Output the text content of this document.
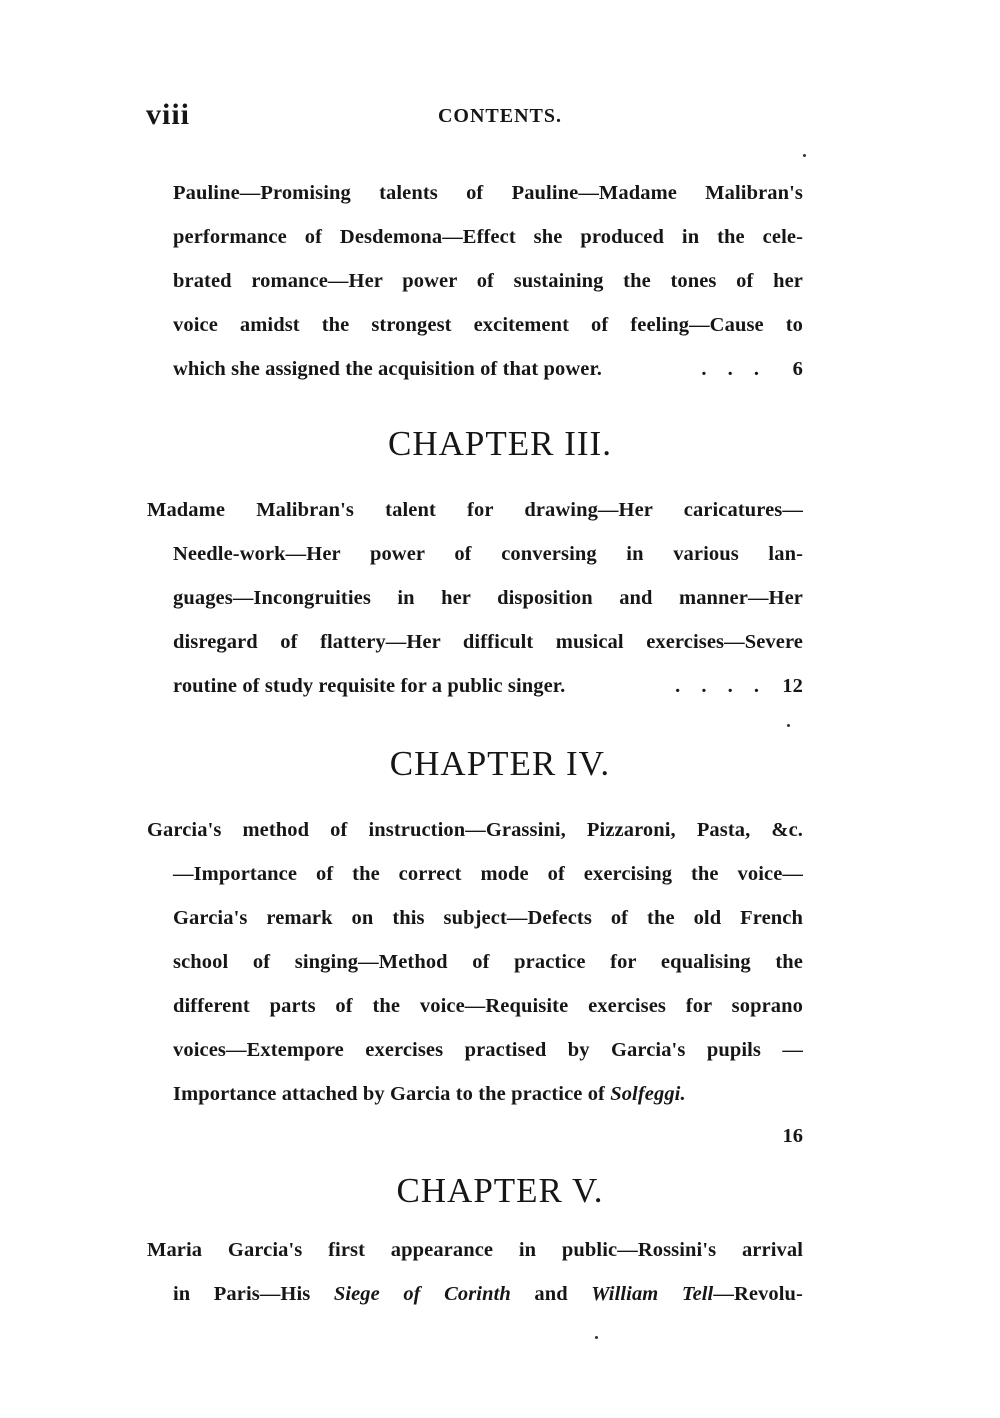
viii	CONTENTS.
Pauline—Promising talents of Pauline—Madame Malibran's
performance of Desdemona—Effect she produced in the cele-
brated romance—Her power of sustaining the tones of her
voice amidst the strongest excitement of feeling—Cause to
which she assigned the acquisition of that power.	. . .	6
CHAPTER III.
Madame Malibran's talent for drawing—Her caricatures—
Needle-work—Her power of conversing in various lan-
guages—Incongruities in her disposition and manner—Her
disregard of flattery—Her difficult musical exercises—Severe
routine of study requisite for a public singer.	. . . . 12
CHAPTER IV.
Garcia's method of instruction—Grassini, Pizzaroni, Pasta, &c.
—Importance of the correct mode of exercising the voice—
Garcia's remark on this subject—Defects of the old French
school of singing—Method of practice for equalising the
different parts of the voice—Requisite exercises for soprano
voices—Extempore exercises practised by Garcia's pupils —
Importance attached by Garcia to the practice of Solfeggi.
16
CHAPTER V.
Maria Garcia's first appearance in public—Rossini's arrival
in Paris—His Siege of Corinth and William Tell—Revolu-
